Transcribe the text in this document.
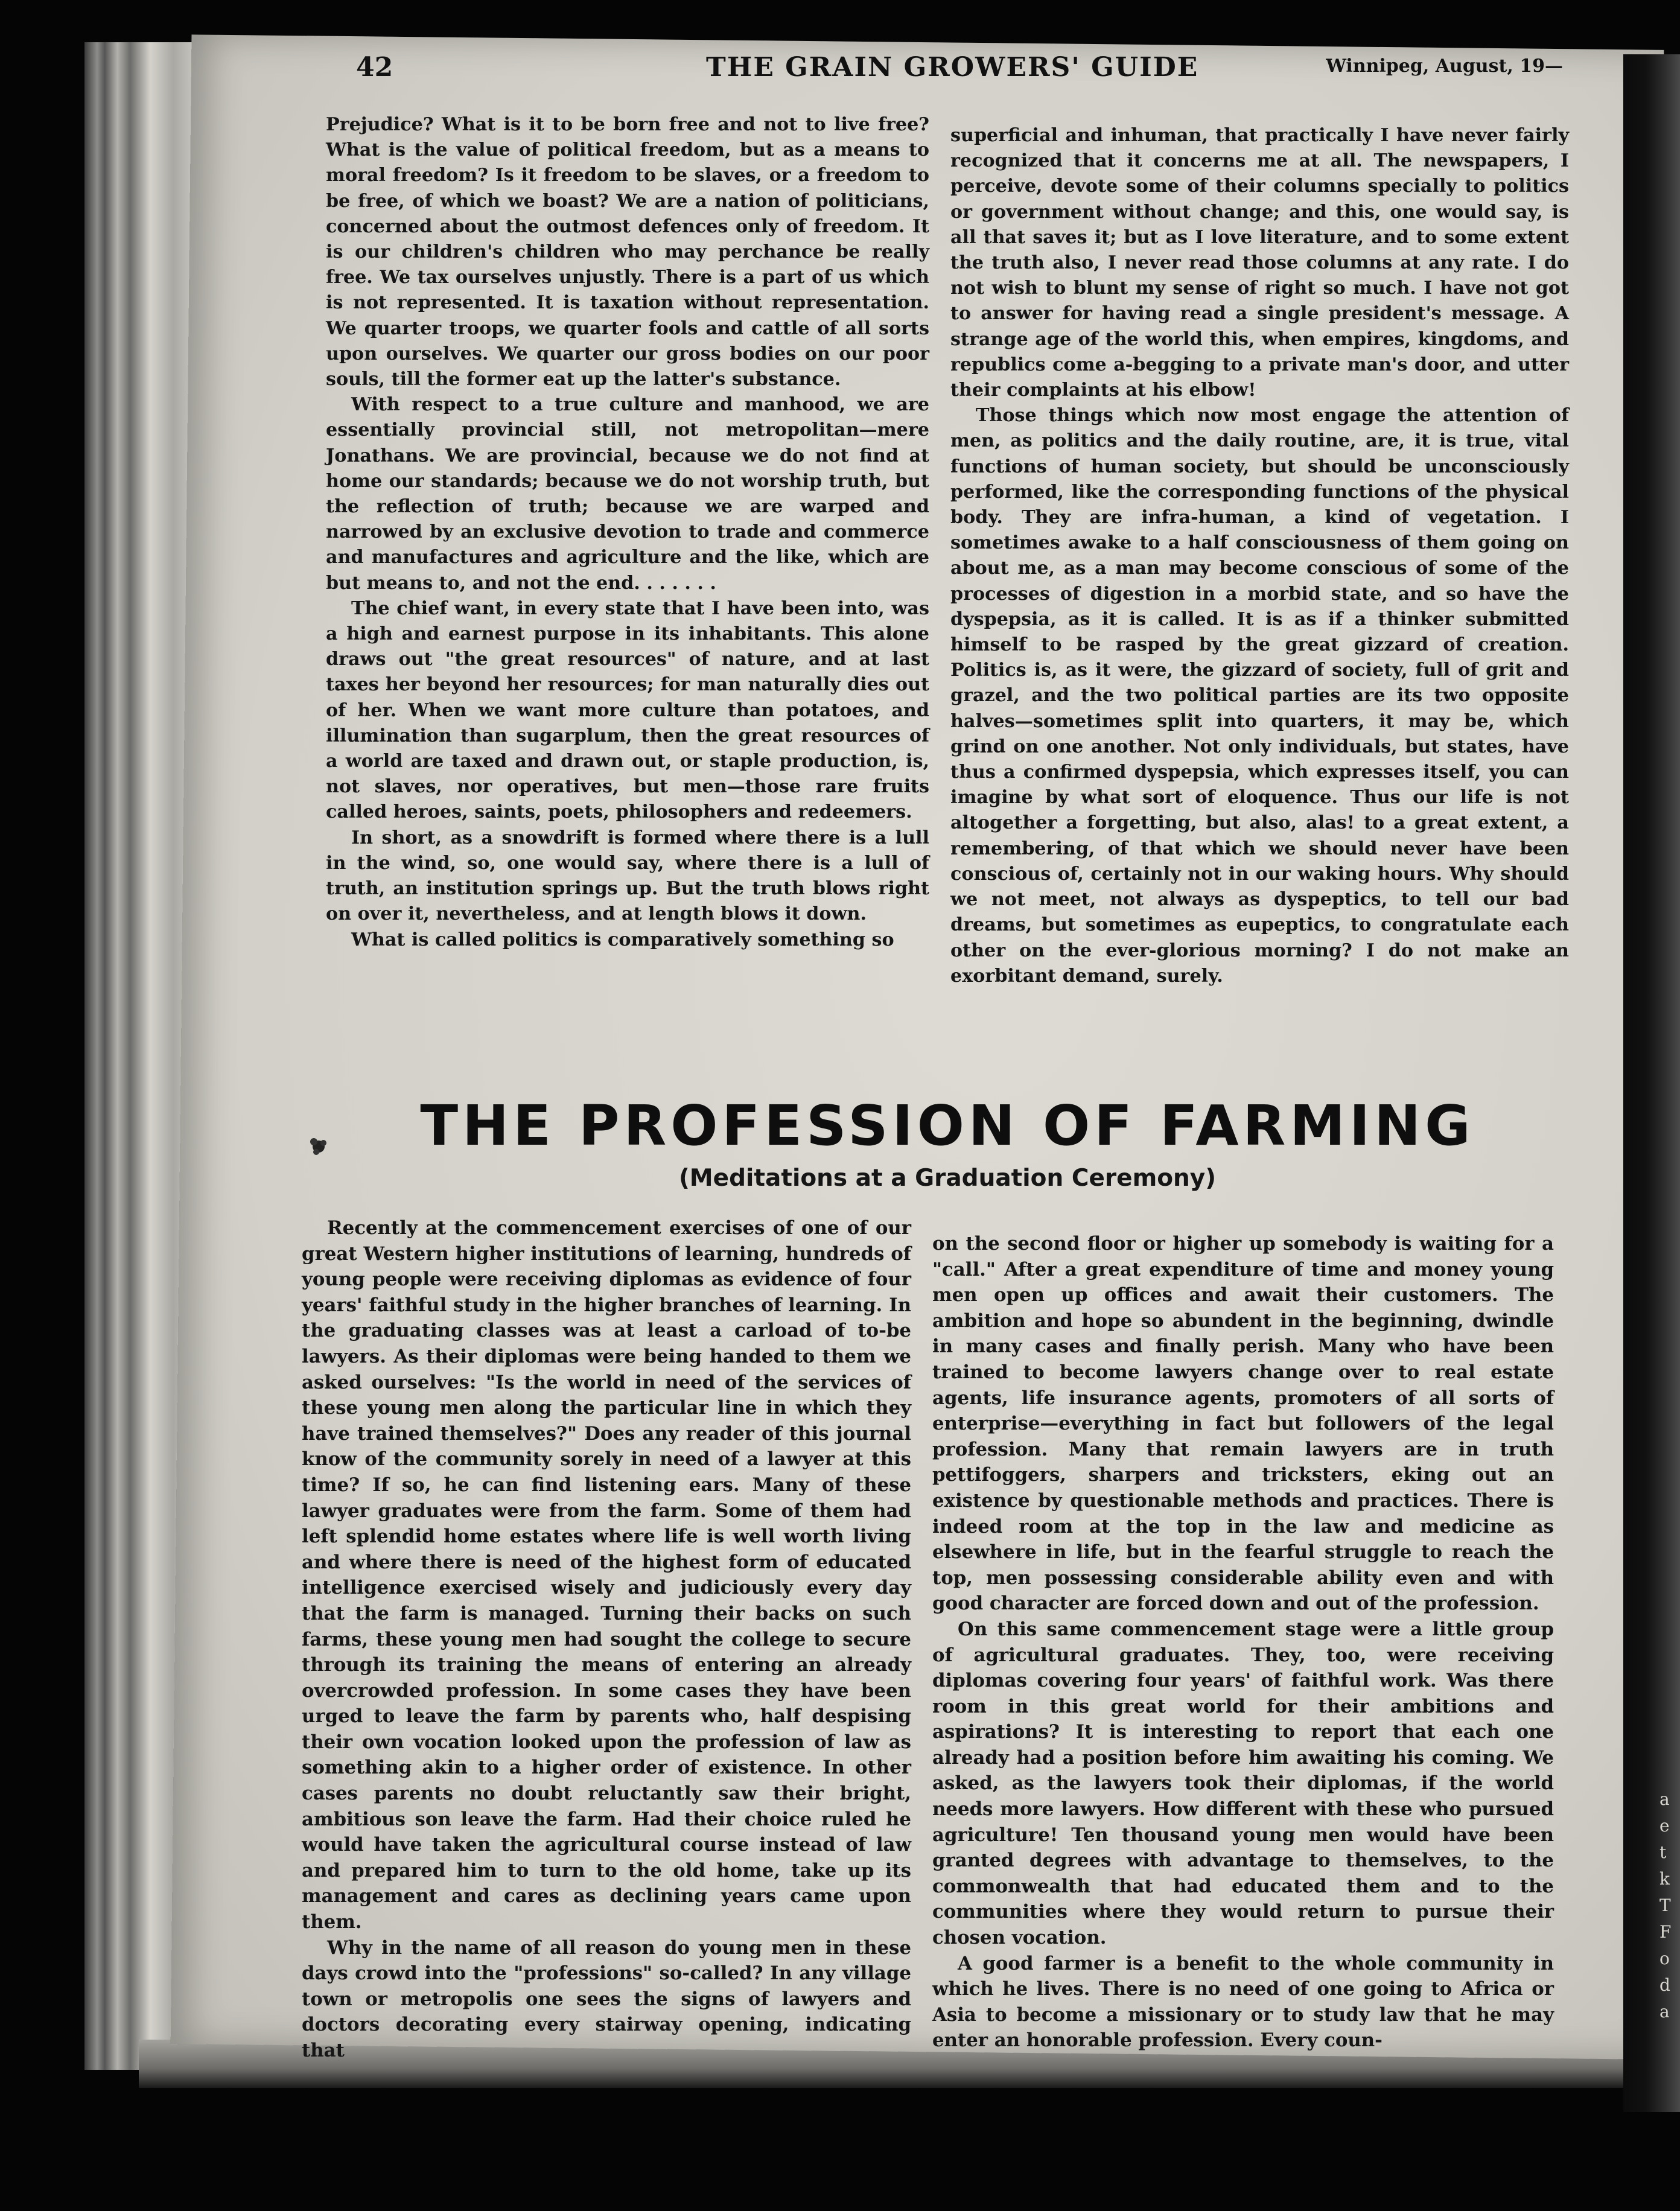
a
e
t
k
T
F
o
d
a
42	THE GRAIN GROWERS' GUIDE	Winnipeg, August, 19—

Prejudice? What is it to be born free and not to live free? What is the value of political freedom, but as a means to moral freedom? Is it freedom to be slaves, or a freedom to be free, of which we boast? We are a nation of politicians, concerned about the outmost defences only of freedom. It is our children's children who may perchance be really free. We tax ourselves unjustly. There is a part of us which is not represented. It is taxation without representation. We quarter troops, we quarter fools and cattle of all sorts upon ourselves. We quarter our gross bodies on our poor souls, till the former eat up the latter's substance.

With respect to a true culture and manhood, we are essentially provincial still, not metropolitan—mere Jonathans. We are provincial, because we do not find at home our standards; because we do not worship truth, but the reflection of truth; because we are warped and narrowed by an exclusive devotion to trade and commerce and manufactures and agriculture and the like, which are but means to, and not the end. . . . . . .

The chief want, in every state that I have been into, was a high and earnest purpose in its inhabitants. This alone draws out "the great resources" of nature, and at last taxes her beyond her resources; for man naturally dies out of her. When we want more culture than potatoes, and illumination than sugarplum, then the great resources of a world are taxed and drawn out, or staple production, is, not slaves, nor operatives, but men—those rare fruits called heroes, saints, poets, philosophers and redeemers.

In short, as a snowdrift is formed where there is a lull in the wind, so, one would say, where there is a lull of truth, an institution springs up. But the truth blows right on over it, nevertheless, and at length blows it down.

What is called politics is comparatively something so

superficial and inhuman, that practically I have never fairly recognized that it concerns me at all. The newspapers, I perceive, devote some of their columns specially to politics or government without change; and this, one would say, is all that saves it; but as I love literature, and to some extent the truth also, I never read those columns at any rate. I do not wish to blunt my sense of right so much. I have not got to answer for having read a single president's message. A strange age of the world this, when empires, kingdoms, and republics come a-begging to a private man's door, and utter their complaints at his elbow!

Those things which now most engage the attention of men, as politics and the daily routine, are, it is true, vital functions of human society, but should be unconsciously performed, like the corresponding functions of the physical body. They are infra-human, a kind of vegetation. I sometimes awake to a half consciousness of them going on about me, as a man may become conscious of some of the processes of digestion in a morbid state, and so have the dyspepsia, as it is called. It is as if a thinker submitted himself to be rasped by the great gizzard of creation. Politics is, as it were, the gizzard of society, full of grit and grazel, and the two political parties are its two opposite halves—sometimes split into quarters, it may be, which grind on one another. Not only individuals, but states, have thus a confirmed dyspepsia, which expresses itself, you can imagine by what sort of eloquence. Thus our life is not altogether a forgetting, but also, alas! to a great extent, a remembering, of that which we should never have been conscious of, certainly not in our waking hours. Why should we not meet, not always as dyspeptics, to tell our bad dreams, but sometimes as eupeptics, to congratulate each other on the ever-glorious morning? I do not make an exorbitant demand, surely.

THE PROFESSION OF FARMING
(Meditations at a Graduation Ceremony)

Recently at the commencement exercises of one of our great Western higher institutions of learning, hundreds of young people were receiving diplomas as evidence of four years' faithful study in the higher branches of learning. In the graduating classes was at least a carload of to-be lawyers. As their diplomas were being handed to them we asked ourselves: "Is the world in need of the services of these young men along the particular line in which they have trained themselves?" Does any reader of this journal know of the community sorely in need of a lawyer at this time? If so, he can find listening ears. Many of these lawyer graduates were from the farm. Some of them had left splendid home estates where life is well worth living and where there is need of the highest form of educated intelligence exercised wisely and judiciously every day that the farm is managed. Turning their backs on such farms, these young men had sought the college to secure through its training the means of entering an already overcrowded profession. In some cases they have been urged to leave the farm by parents who, half despising their own vocation looked upon the profession of law as something akin to a higher order of existence. In other cases parents no doubt reluctantly saw their bright, ambitious son leave the farm. Had their choice ruled he would have taken the agricultural course instead of law and prepared him to turn to the old home, take up its management and cares as declining years came upon them.

Why in the name of all reason do young men in these days crowd into the "professions" so-called? In any village town or metropolis one sees the signs of lawyers and doctors decorating every stairway opening, indicating that

on the second floor or higher up somebody is waiting for a "call." After a great expenditure of time and money young men open up offices and await their customers. The ambition and hope so abundent in the beginning, dwindle in many cases and finally perish. Many who have been trained to become lawyers change over to real estate agents, life insurance agents, promoters of all sorts of enterprise—everything in fact but followers of the legal profession. Many that remain lawyers are in truth pettifoggers, sharpers and tricksters, eking out an existence by questionable methods and practices. There is indeed room at the top in the law and medicine as elsewhere in life, but in the fearful struggle to reach the top, men possessing considerable ability even and with good character are forced down and out of the profession.

On this same commencement stage were a little group of agricultural graduates. They, too, were receiving diplomas covering four years' of faithful work. Was there room in this great world for their ambitions and aspirations? It is interesting to report that each one already had a position before him awaiting his coming. We asked, as the lawyers took their diplomas, if the world needs more lawyers. How different with these who pursued agriculture! Ten thousand young men would have been granted degrees with advantage to themselves, to the commonwealth that had educated them and to the communities where they would return to pursue their chosen vocation.

A good farmer is a benefit to the whole community in which he lives. There is no need of one going to Africa or Asia to become a missionary or to study law that he may enter an honorable profession. Every coun-
